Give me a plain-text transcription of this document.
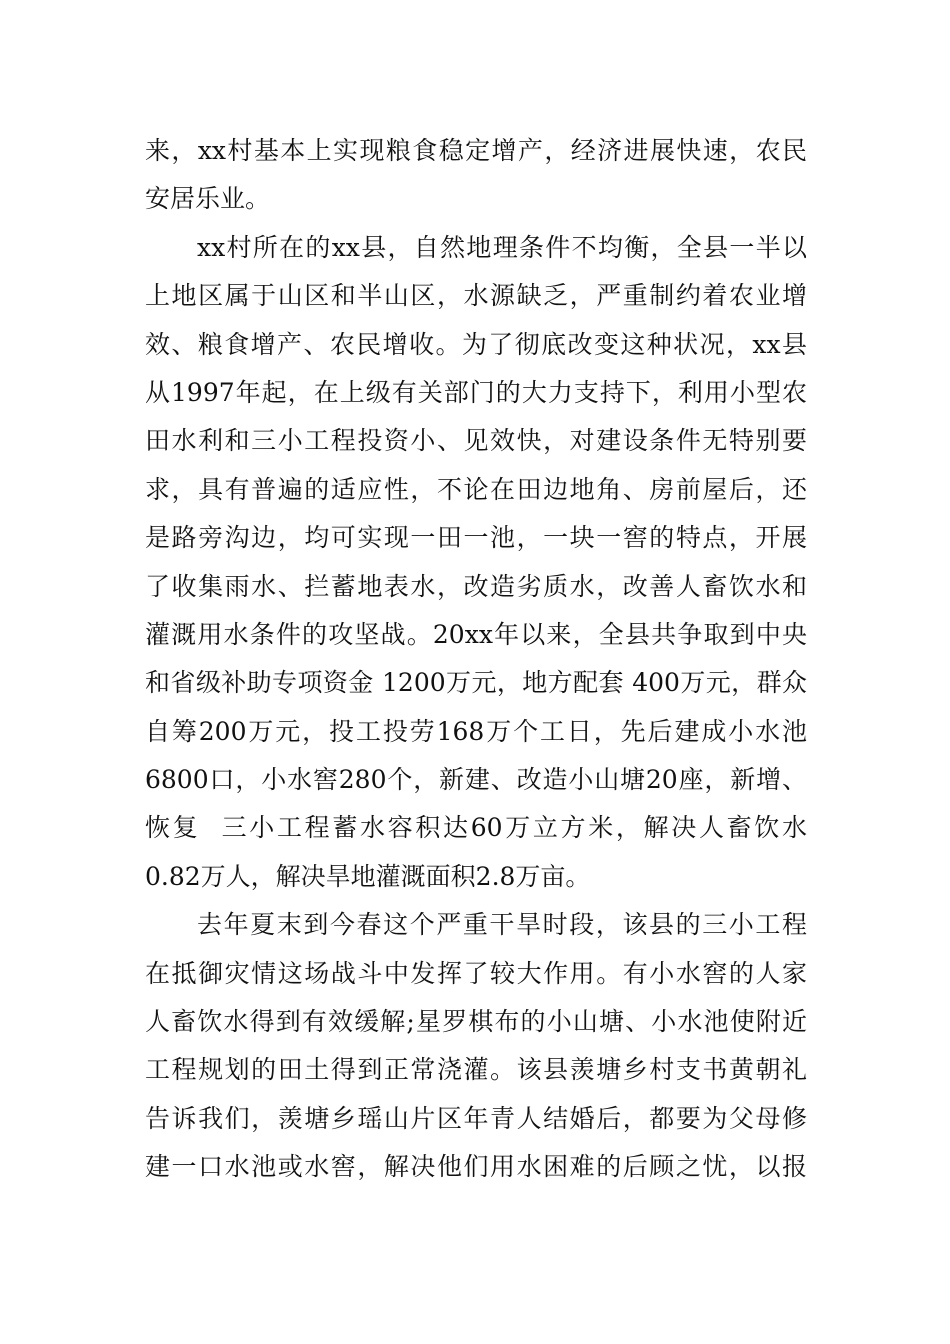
来，xx村基本上实现粮食稳定增产，经济进展快速，农民
安居乐业。
xx村所在的xx县，自然地理条件不均衡，全县一半以
上地区属于山区和半山区，水源缺乏，严重制约着农业增
效、粮食增产、农民增收。为了彻底改变这种状况，xx县
从1997年起，在上级有关部门的大力支持下，利用小型农
田水利和三小工程投资小、见效快，对建设条件无特别要
求，具有普遍的适应性，不论在田边地角、房前屋后，还
是路旁沟边，均可实现一田一池，一块一窖的特点，开展
了收集雨水、拦蓄地表水，改造劣质水，改善人畜饮水和
灌溉用水条件的攻坚战。20xx年以来，全县共争取到中央
和省级补助专项资金 1200万元，地方配套 400万元，群众
自筹200万元，投工投劳168万个工日，先后建成小水池
6800口，小水窖280个，新建、改造小山塘20座，新增、
恢复  三小工程蓄水容积达60万立方米，解决人畜饮水
0.82万人，解决旱地灌溉面积2.8万亩。
去年夏末到今春这个严重干旱时段，该县的三小工程
在抵御灾情这场战斗中发挥了较大作用。有小水窖的人家
人畜饮水得到有效缓解;星罗棋布的小山塘、小水池使附近
工程规划的田土得到正常浇灌。该县羡塘乡村支书黄朝礼
告诉我们，羡塘乡瑶山片区年青人结婚后，都要为父母修
建一口水池或水窖，解决他们用水困难的后顾之忧，以报
